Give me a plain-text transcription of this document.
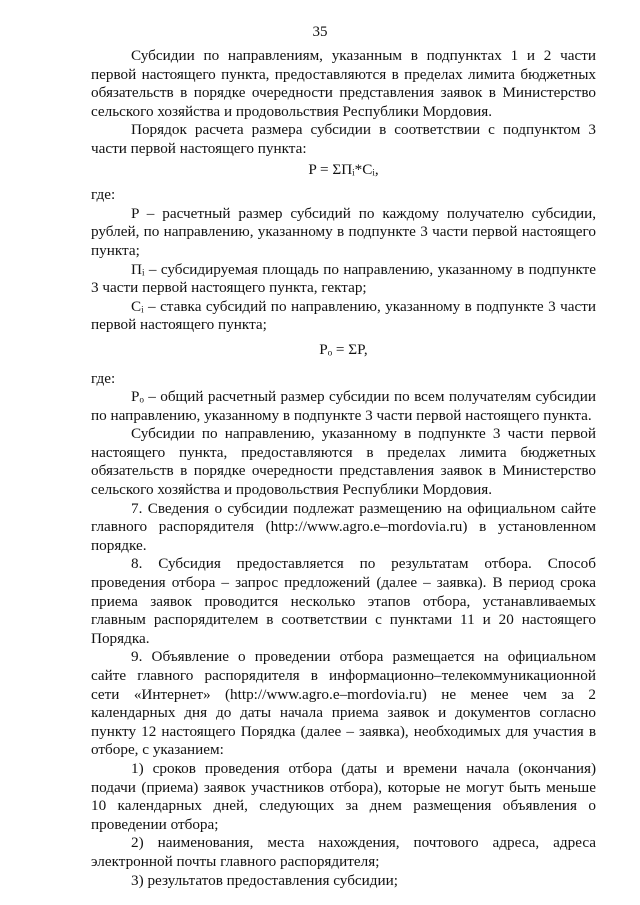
35

Субсидии по направлениям, указанным в подпунктах 1 и 2 части первой настоящего пункта, предоставляются в пределах лимита бюджетных обязательств в порядке очередности представления заявок в Министерство сельского хозяйства и продовольствия Республики Мордовия.

Порядок расчета размера субсидии в соответствии с подпунктом 3 части первой настоящего пункта:

P = ΣПᵢ*Cᵢ,

где:

P – расчетный размер субсидий по каждому получателю субсидии, рублей, по направлению, указанному в подпункте 3 части первой настоящего пункта;

Пᵢ – субсидируемая площадь по направлению, указанному в подпункте 3 части первой настоящего пункта, гектар;

Cᵢ – ставка субсидий по направлению, указанному в подпункте 3 части первой настоящего пункта;

Pₒ = ΣP,

где:

Pₒ – общий расчетный размер субсидии по всем получателям субсидии по направлению, указанному в подпункте 3 части первой настоящего пункта.

Субсидии по направлению, указанному в подпункте 3 части первой настоящего пункта, предоставляются в пределах лимита бюджетных обязательств в порядке очередности представления заявок в Министерство сельского хозяйства и продовольствия Республики Мордовия.

7. Сведения о субсидии подлежат размещению на официальном сайте главного распорядителя (http://www.agro.e–mordovia.ru) в установленном порядке.

8. Субсидия предоставляется по результатам отбора. Способ проведения отбора – запрос предложений (далее – заявка). В период срока приема заявок проводится несколько этапов отбора, устанавливаемых главным распорядителем в соответствии с пунктами 11 и 20 настоящего Порядка.

9. Объявление о проведении отбора размещается на официальном сайте главного распорядителя в информационно–телекоммуникационной сети «Интернет» (http://www.agro.e–mordovia.ru) не менее чем за 2 календарных дня до даты начала приема заявок и документов согласно пункту 12 настоящего Порядка (далее – заявка), необходимых для участия в отборе, с указанием:

1) сроков проведения отбора (даты и времени начала (окончания) подачи (приема) заявок участников отбора), которые не могут быть меньше 10 календарных дней, следующих за днем размещения объявления о проведении отбора;

2) наименования, места нахождения, почтового адреса, адреса электронной почты главного распорядителя;

3) результатов предоставления субсидии;
